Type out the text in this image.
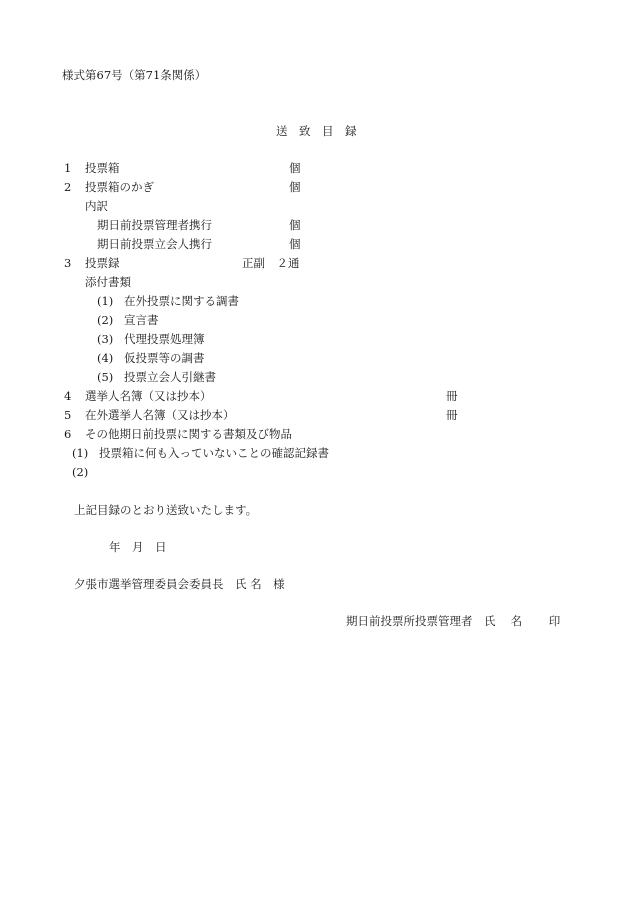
様式第67号（第71条関係）
送　致　目　録
1 投票箱	個
2 投票箱のかぎ	個
内訳
期日前投票管理者携行	個
期日前投票立会人携行	個
3 投票録	正副　２通
添付書類
(1) 在外投票に関する調書
(2) 宣言書
(3) 代理投票処理簿
(4) 仮投票等の調書
(5) 投票立会人引継書
4 選挙人名簿（又は抄本）	冊
5 在外選挙人名簿（又は抄本）	冊
6 その他期日前投票に関する書類及び物品
(1) 投票箱に何も入っていないことの確認記録書
(2)
上記目録のとおり送致いたします。
年　月　日
夕張市選挙管理委員会委員長　氏 名　様
期日前投票所投票管理者　氏　 名　　 印
